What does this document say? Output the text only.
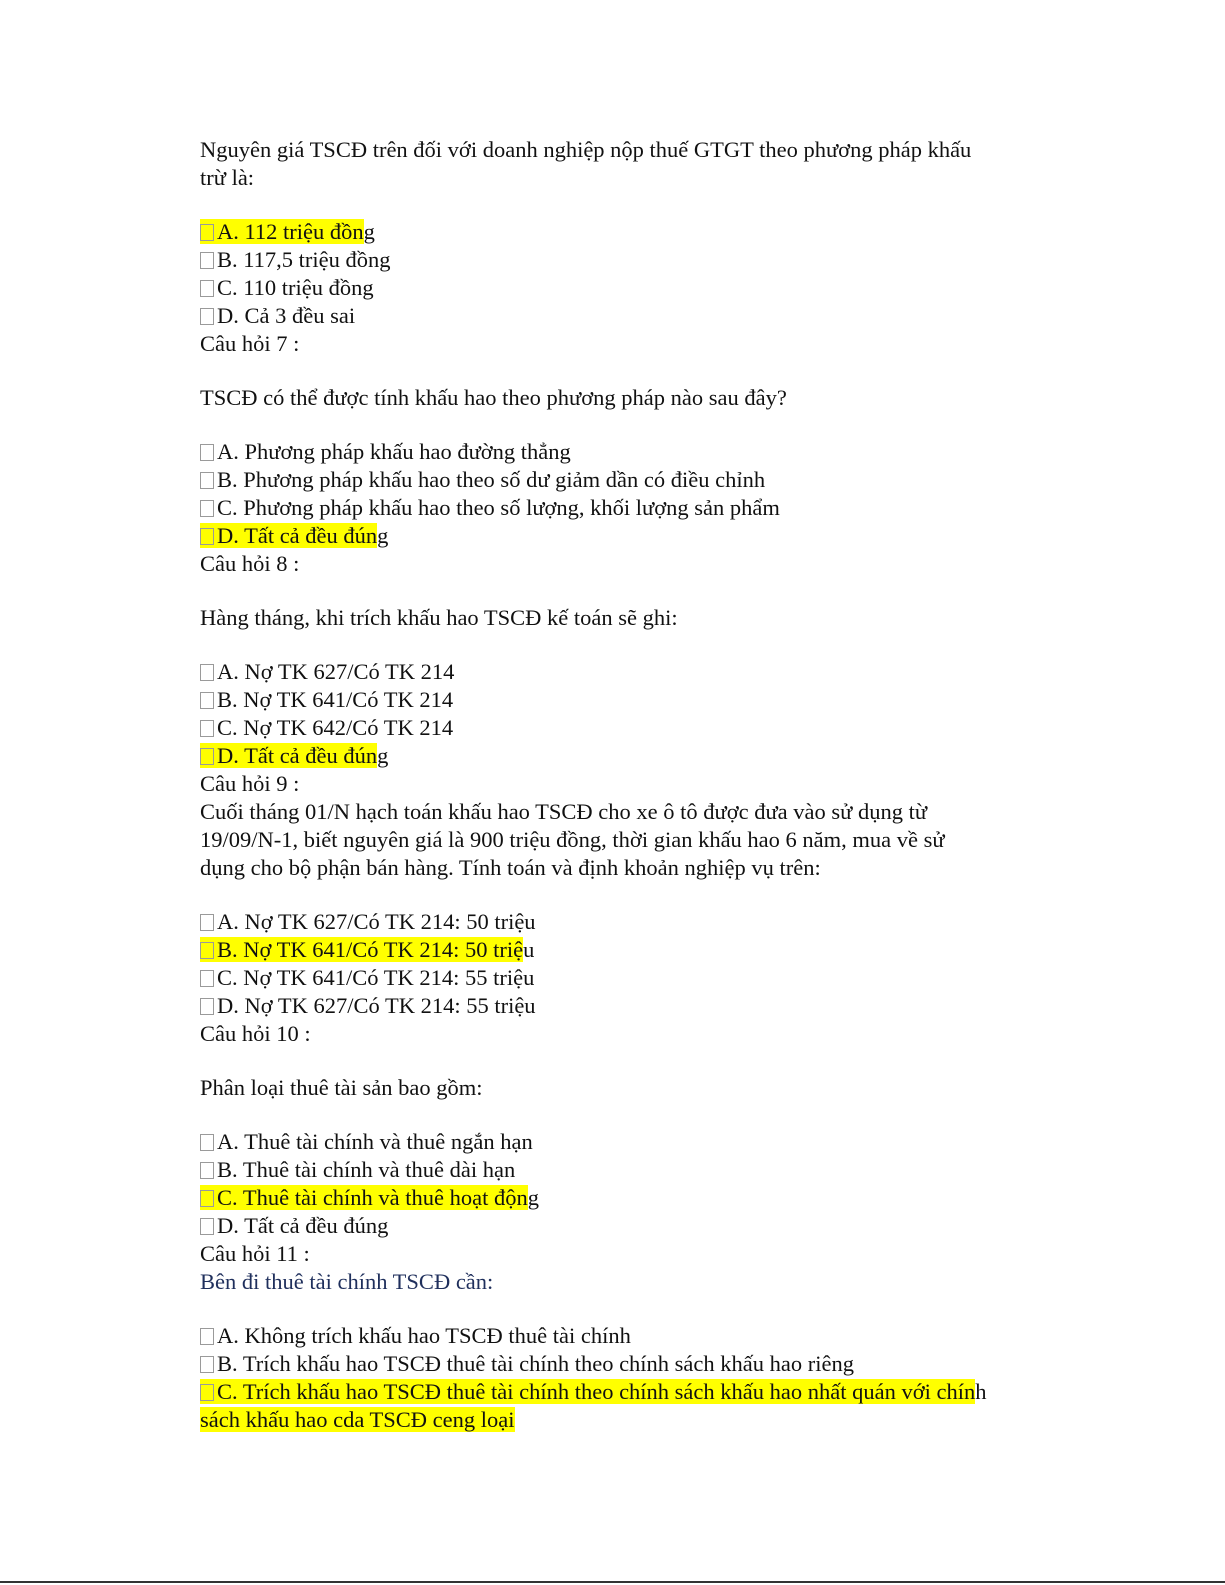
Nguyên giá TSCĐ trên đối với doanh nghiệp nộp thuế GTGT theo phương pháp khấu
trừ là:
A. 112 triệu đồng
B. 117,5 triệu đồng
C. 110 triệu đồng
D. Cả 3 đều sai
Câu hỏi 7 :
TSCĐ có thể được tính khấu hao theo phương pháp nào sau đây?
A. Phương pháp khấu hao đường thẳng
B. Phương pháp khấu hao theo số dư giảm dần có điều chỉnh
C. Phương pháp khấu hao theo số lượng, khối lượng sản phẩm
D. Tất cả đều đúng
Câu hỏi 8 :
Hàng tháng, khi trích khấu hao TSCĐ kế toán sẽ ghi:
A. Nợ TK 627/Có TK 214
B. Nợ TK 641/Có TK 214
C. Nợ TK 642/Có TK 214
D. Tất cả đều đúng
Câu hỏi 9 :
Cuối tháng 01/N hạch toán khấu hao TSCĐ cho xe ô tô được đưa vào sử dụng từ
19/09/N-1, biết nguyên giá là 900 triệu đồng, thời gian khấu hao 6 năm, mua về sử
dụng cho bộ phận bán hàng. Tính toán và định khoản nghiệp vụ trên:
A. Nợ TK 627/Có TK 214: 50 triệu
B. Nợ TK 641/Có TK 214: 50 triệu
C. Nợ TK 641/Có TK 214: 55 triệu
D. Nợ TK 627/Có TK 214: 55 triệu
Câu hỏi 10 :
Phân loại thuê tài sản bao gồm:
A. Thuê tài chính và thuê ngắn hạn
B. Thuê tài chính và thuê dài hạn
C. Thuê tài chính và thuê hoạt động
D. Tất cả đều đúng
Câu hỏi 11 :
Bên đi thuê tài chính TSCĐ cần:
A. Không trích khấu hao TSCĐ thuê tài chính
B. Trích khấu hao TSCĐ thuê tài chính theo chính sách khấu hao riêng
C. Trích khấu hao TSCĐ thuê tài chính theo chính sách khấu hao nhất quán với chính
sách khấu hao cda TSCĐ ceng loại
